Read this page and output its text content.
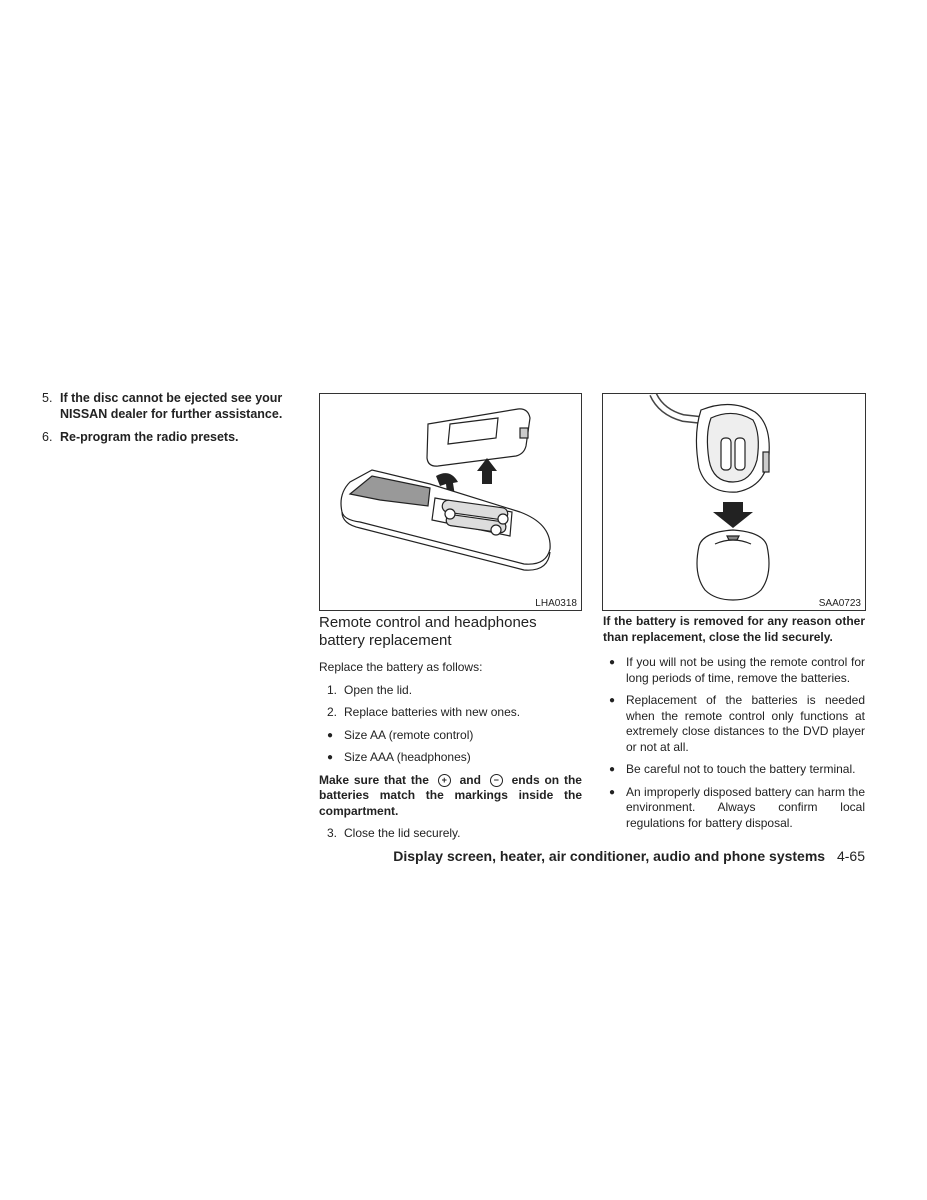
5. If the disc cannot be ejected see your NISSAN dealer for further assistance.
6. Re-program the radio presets.
LHA0318	SAA0723
Remote control and headphones battery replacement

Replace the battery as follows:

1. Open the lid.
2. Replace batteries with new ones.
● Size AA (remote control)
● Size AAA (headphones)

Make sure that the + and − ends on the batteries match the markings inside the compartment.

3. Close the lid securely.

If the battery is removed for any reason other than replacement, close the lid securely.

● If you will not be using the remote control for long periods of time, remove the batteries.
● Replacement of the batteries is needed when the remote control only functions at extremely close distances to the DVD player or not at all.
● Be careful not to touch the battery terminal.
● An improperly disposed battery can harm the environment. Always confirm local regulations for battery disposal.
Display screen, heater, air conditioner, audio and phone systems 4-65
